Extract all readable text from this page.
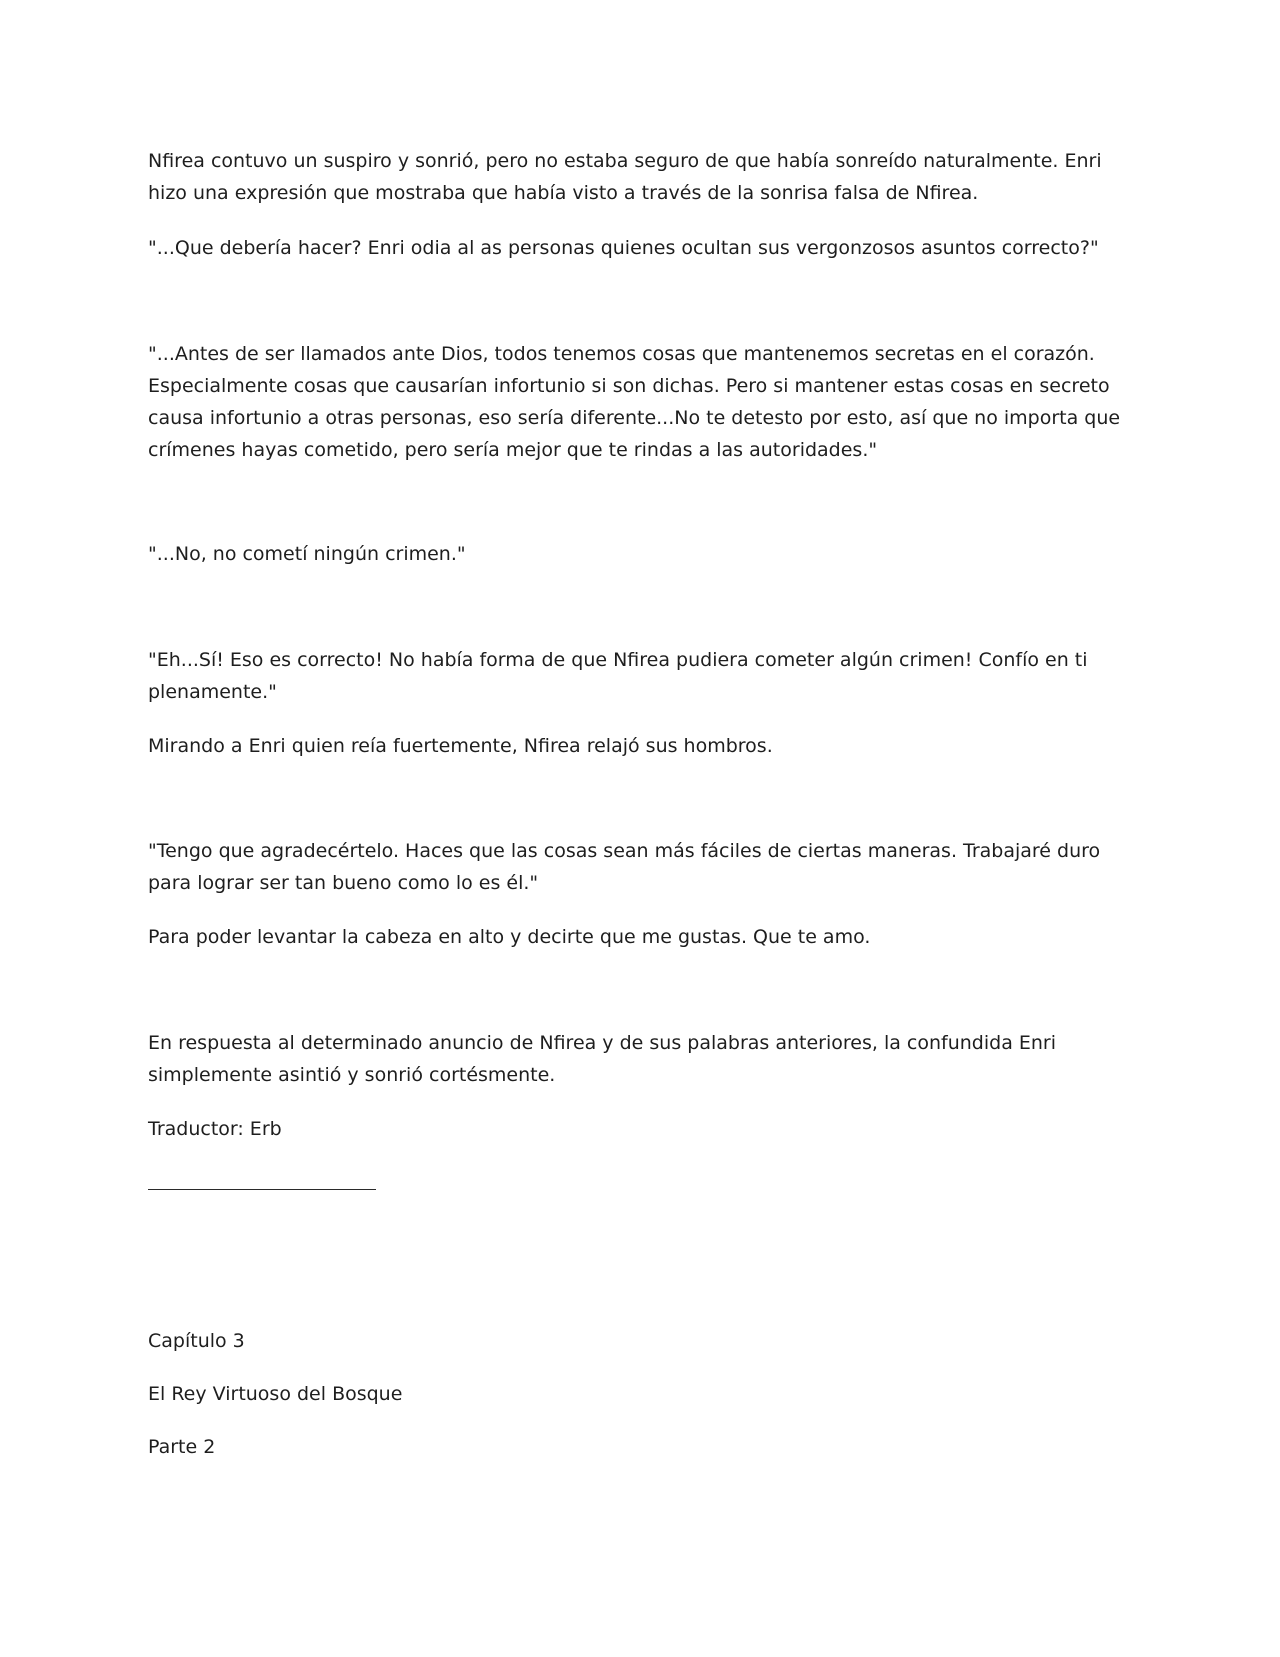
Nfirea contuvo un suspiro y sonrió, pero no estaba seguro de que había sonreído naturalmente. Enri hizo una expresión que mostraba que había visto a través de la sonrisa falsa de Nfirea.

"...Que debería hacer? Enri odia al as personas quienes ocultan sus vergonzosos asuntos correcto?"

"...Antes de ser llamados ante Dios, todos tenemos cosas que mantenemos secretas en el corazón. Especialmente cosas que causarían infortunio si son dichas. Pero si mantener estas cosas en secreto causa infortunio a otras personas, eso sería diferente...No te detesto por esto, así que no importa que crímenes hayas cometido, pero sería mejor que te rindas a las autoridades."

"...No, no cometí ningún crimen."

"Eh...Sí! Eso es correcto! No había forma de que Nfirea pudiera cometer algún crimen! Confío en ti plenamente."

Mirando a Enri quien reía fuertemente, Nfirea relajó sus hombros.

"Tengo que agradecértelo. Haces que las cosas sean más fáciles de ciertas maneras. Trabajaré duro para lograr ser tan bueno como lo es él."

Para poder levantar la cabeza en alto y decirte que me gustas. Que te amo.

En respuesta al determinado anuncio de Nfirea y de sus palabras anteriores, la confundida Enri simplemente asintió y sonrió cortésmente.

Traductor: Erb

Capítulo 3

El Rey Virtuoso del Bosque

Parte 2
